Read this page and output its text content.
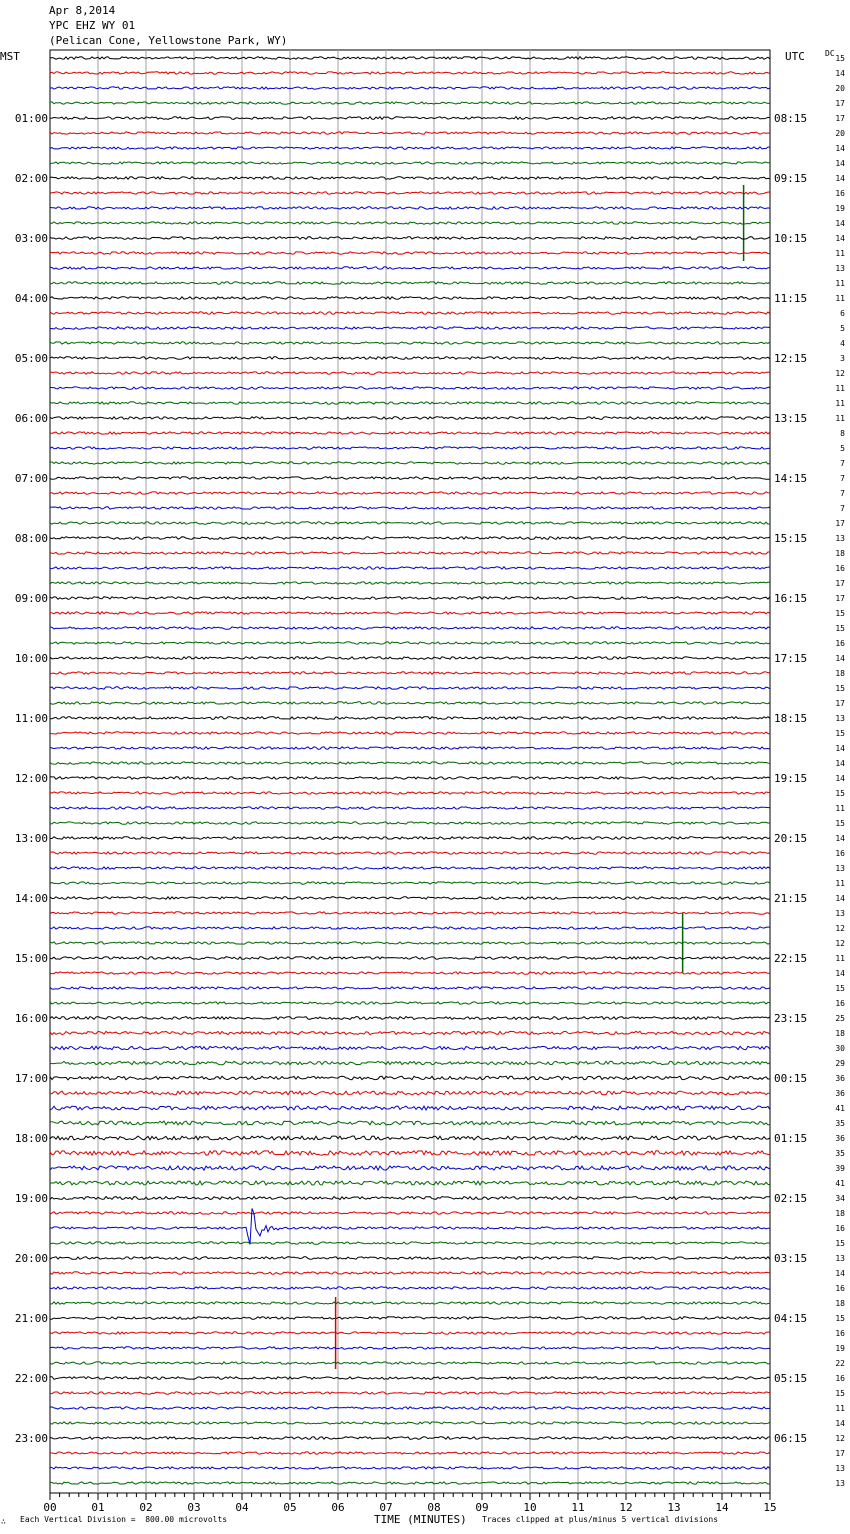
00	01	02	03	04	05	06	07	08	09	10	11	12	13	14	15
15
14
20
17
17
20
14
14
14
16
19
14
14
11
13
11
11
6
5
4
3
12
11
11
11
8
5
7
7
7
7
17
13
18
16
17
17
15
15
16
14
18
15
17
13
15
14
14
14
15
11
15
14
16
13
11
14
13
12
12
11
14
15
16
25
18
30
29
36
36
41
35
36
35
39
41
34
18
16
15
13
14
16
18
15
16
19
22
16
15
11
14
12
17
13
13
01:00
02:00
03:00
04:00
05:00
06:00
07:00
08:00
09:00
10:00
11:00
12:00
13:00
14:00
15:00
16:00
17:00
18:00
19:00
20:00
21:00
22:00
23:00
08:15
09:15
10:15
11:15
12:15
13:15
14:15
15:15
16:15
17:15
18:15
19:15
20:15
21:15
22:15
23:15
00:15
01:15
02:15
03:15
04:15
05:15
06:15
Apr 8,2014
YPC EHZ WY 01
(Pelican Cone, Yellowstone Park, WY)
MST	UTC	DC
∴ Each Vertical Division =  800.00 microvolts	TIME (MINUTES) Traces clipped at plus/minus 5 vertical divisions
